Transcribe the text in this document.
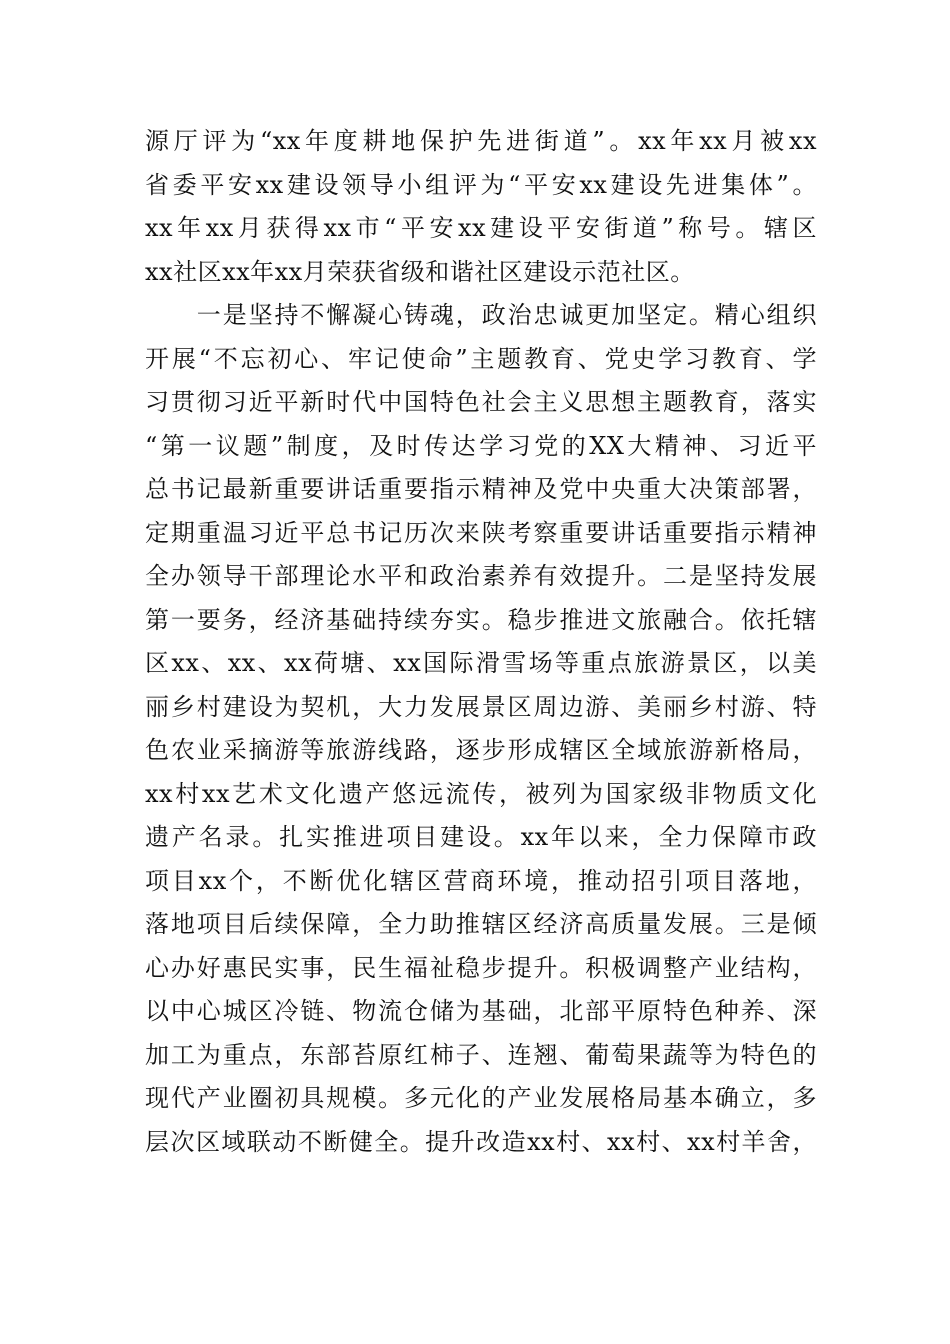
源厅评为“xx年度耕地保护先进街道”。xx年xx月被xx
省委平安xx建设领导小组评为“平安xx建设先进集体”。
xx年xx月获得xx市“平安xx建设平安街道”称号。辖区
xx社区xx年xx月荣获省级和谐社区建设示范社区。
　　一是坚持不懈凝心铸魂，政治忠诚更加坚定。精心组织
开展“不忘初心、牢记使命”主题教育、党史学习教育、学
习贯彻习近平新时代中国特色社会主义思想主题教育，落实
“第一议题”制度，及时传达学习党的XX大精神、习近平
总书记最新重要讲话重要指示精神及党中央重大决策部署，
定期重温习近平总书记历次来陕考察重要讲话重要指示精神
全办领导干部理论水平和政治素养有效提升。二是坚持发展
第一要务，经济基础持续夯实。稳步推进文旅融合。依托辖
区xx、xx、xx荷塘、xx国际滑雪场等重点旅游景区，以美
丽乡村建设为契机，大力发展景区周边游、美丽乡村游、特
色农业采摘游等旅游线路，逐步形成辖区全域旅游新格局，
xx村xx艺术文化遗产悠远流传，被列为国家级非物质文化
遗产名录。扎实推进项目建设。xx年以来，全力保障市政
项目xx个，不断优化辖区营商环境，推动招引项目落地，
落地项目后续保障，全力助推辖区经济高质量发展。三是倾
心办好惠民实事，民生福祉稳步提升。积极调整产业结构，
以中心城区冷链、物流仓储为基础，北部平原特色种养、深
加工为重点，东部苔原红柿子、连翘、葡萄果蔬等为特色的
现代产业圈初具规模。多元化的产业发展格局基本确立，多
层次区域联动不断健全。提升改造xx村、xx村、xx村羊舍，
